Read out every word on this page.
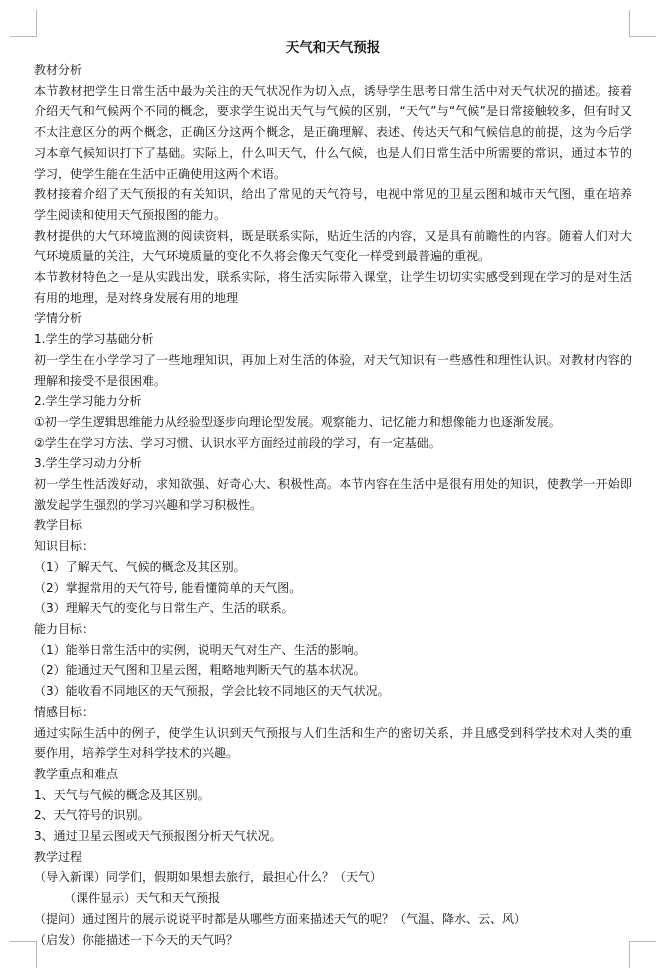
天气和天气预报
教材分析
本节教材把学生日常生活中最为关注的天气状况作为切入点，诱导学生思考日常生活中对天气状况的描述。接着介绍天气和气候两个不同的概念，要求学生说出天气与气候的区别，“天气”与“气候”是日常接触较多，但有时又不太注意区分的两个概念，正确区分这两个概念，是正确理解、表述、传达天气和气候信息的前提，这为今后学习本章气候知识打下了基础。实际上，什么叫天气，什么气候，也是人们日常生活中所需要的常识，通过本节的学习，使学生能在生活中正确使用这两个术语。
教材接着介绍了天气预报的有关知识，给出了常见的天气符号，电视中常见的卫星云图和城市天气图，重在培养学生阅读和使用天气预报图的能力。
教材提供的大气环境监测的阅读资料，既是联系实际，贴近生活的内容，又是具有前瞻性的内容。随着人们对大气环境质量的关注，大气环境质量的变化不久将会像天气变化一样受到最普遍的重视。
本节教材特色之一是从实践出发，联系实际，将生活实际带入课堂，让学生切切实实感受到现在学习的是对生活有用的地理，是对终身发展有用的地理
学情分析
1.学生的学习基础分析
初一学生在小学学习了一些地理知识，再加上对生活的体验，对天气知识有一些感性和理性认识。对教材内容的理解和接受不是很困难。
2.学生学习能力分析
①初一学生逻辑思维能力从经验型逐步向理论型发展。观察能力、记忆能力和想像能力也逐渐发展。
②学生在学习方法、学习习惯、认识水平方面经过前段的学习，有一定基础。
3.学生学习动力分析
初一学生性活泼好动，求知欲强、好奇心大、积极性高。本节内容在生活中是很有用处的知识，使教学一开始即激发起学生强烈的学习兴趣和学习积极性。
教学目标
知识目标：
（1）了解天气、气候的概念及其区别。
（2）掌握常用的天气符号, 能看懂简单的天气图。
（3）理解天气的变化与日常生产、生活的联系。
能力目标：
（1）能举日常生活中的实例，说明天气对生产、生活的影响。
（2）能通过天气图和卫星云图，粗略地判断天气的基本状况。
（3）能收看不同地区的天气预报，学会比较不同地区的天气状况。
情感目标：
通过实际生活中的例子，使学生认识到天气预报与人们生活和生产的密切关系，并且感受到科学技术对人类的重要作用，培养学生对科学技术的兴趣。
教学重点和难点
1、天气与气候的概念及其区别。
2、天气符号的识别。
3、通过卫星云图或天气预报图分析天气状况。
教学过程
（导入新课）同学们，假期如果想去旅行，最担心什么？（天气）
（课件显示）天气和天气预报
（提问）通过图片的展示说说平时都是从哪些方面来描述天气的呢？（气温、降水、云、风）
（启发）你能描述一下今天的天气吗？
